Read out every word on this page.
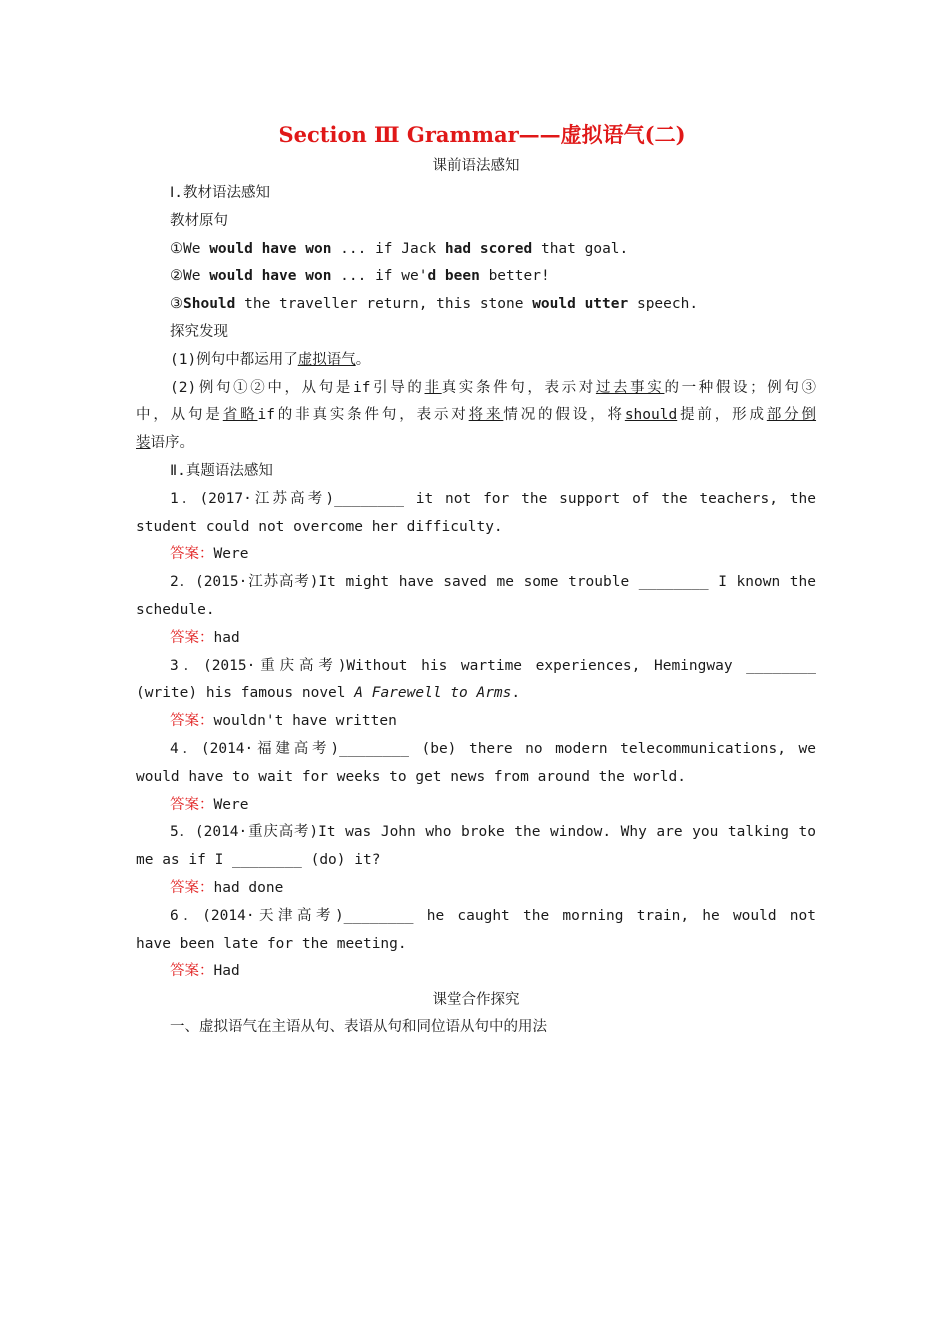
Section Ⅲ Grammar——虚拟语气(二)
课前语法感知
Ⅰ.教材语法感知
教材原句
①We would have won ... if Jack had scored that goal.
②We would have won ... if we'd been better!
③Should the traveller return, this stone would utter speech.
探究发现
(1)例句中都运用了虚拟语气。
(2)例句①②中，从句是if引导的非真实条件句，表示对过去事实的一种假设；例句③
中，从句是省略if的非真实条件句，表示对将来情况的假设，将should提前，形成部分倒
装语序。
Ⅱ.真题语法感知
1．(2017·江苏高考)________ it not for the support of the teachers, the
student could not overcome her difficulty.
答案：Were
2．(2015·江苏高考)It might have saved me some trouble ________ I known the
schedule.
答案：had
3．(2015·重庆高考)Without his wartime experiences, Hemingway ________
(write) his famous novel A Farewell to Arms.
答案：wouldn't have written
4．(2014·福建高考)________ (be) there no modern telecommunications, we
would have to wait for weeks to get news from around the world.
答案：Were
5．(2014·重庆高考)It was John who broke the window. Why are you talking to
me as if I ________ (do) it?
答案：had done
6．(2014·天津高考)________ he caught the morning train, he would not
have been late for the meeting.
答案：Had
课堂合作探究
一、虚拟语气在主语从句、表语从句和同位语从句中的用法
